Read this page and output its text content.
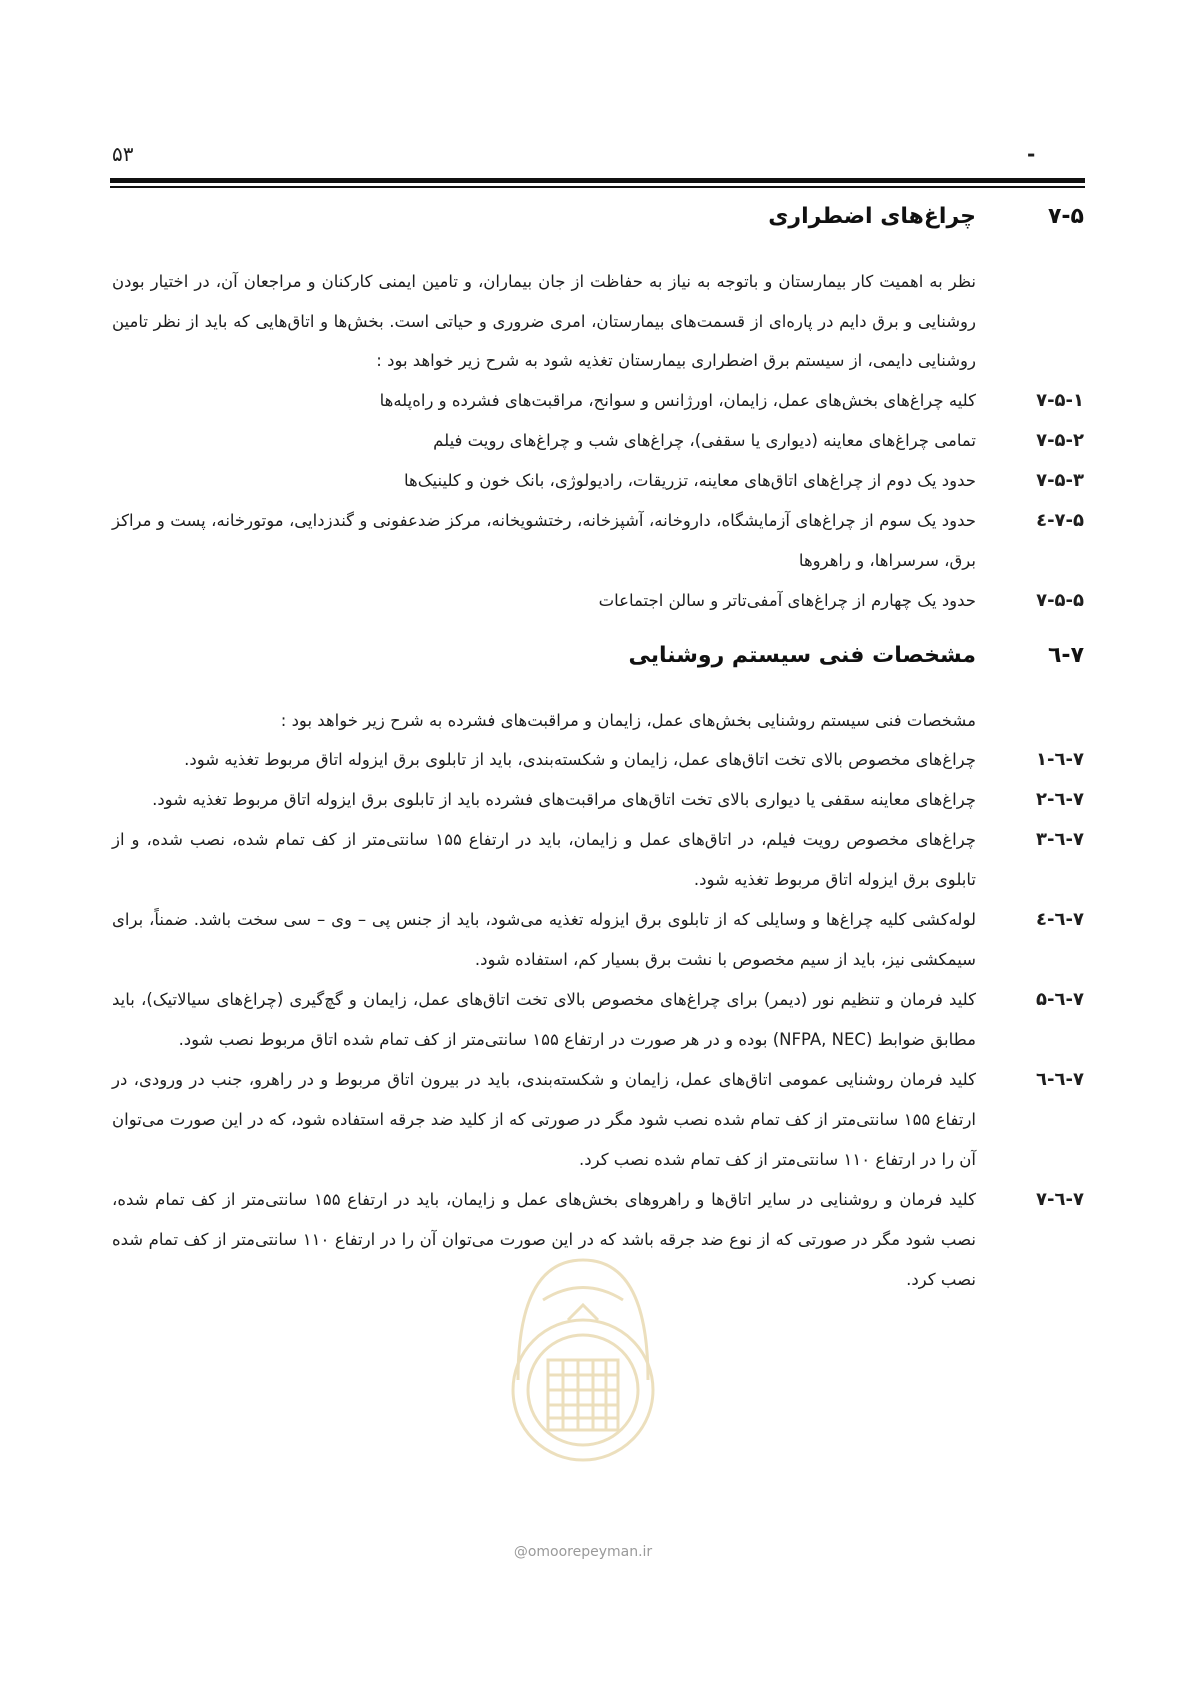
۵۳	-
۷-۵
چراغ‌های اضطراری
نظر به اهمیت کار بیمارستان و باتوجه به نیاز به حفاظت از جان بیماران، و تامین ایمنی کارکنان و مراجعان آن، در اختیار بودن روشنایی و برق دایم در پاره‌ای از قسمت‌های بیمارستان، امری ضروری و حیاتی است. بخش‌ها و اتاق‌هایی که باید از نظر تامین روشنایی دایمی، از سیستم برق اضطراری بیمارستان تغذیه شود به شرح زیر خواهد بود :
۷-۵-۱
کلیه چراغ‌های بخش‌های عمل، زایمان، اورژانس و سوانح، مراقبت‌های فشرده و راه‌پله‌ها
۷-۵-۲
تمامی چراغ‌های معاینه (دیواری یا سقفی)، چراغ‌های شب و چراغ‌های رویت فیلم
۷-۵-۳
حدود یک دوم از چراغ‌های اتاق‌های معاینه، تزریقات، رادیولوژی، بانک خون و کلینیک‌ها
۷-۵-٤
حدود یک سوم از چراغ‌های آزمایشگاه، داروخانه، آشپزخانه، رختشویخانه، مرکز ضدعفونی و گندزدایی، موتورخانه، پست و مراکز برق، سرسراها، و راهروها
۷-۵-۵
حدود یک چهارم از چراغ‌های آمفی‌تاتر و سالن اجتماعات
۷-٦
مشخصات فنی سیستم روشنایی
مشخصات فنی سیستم روشنایی بخش‌های عمل، زایمان و مراقبت‌های فشرده به شرح زیر خواهد بود :
۷-٦-۱
چراغ‌های مخصوص بالای تخت اتاق‌های عمل، زایمان و شکسته‌بندی، باید از تابلوی برق ایزوله اتاق مربوط تغذیه شود.
۷-٦-۲
چراغ‌های معاینه سقفی یا دیواری بالای تخت اتاق‌های مراقبت‌های فشرده باید از تابلوی برق ایزوله اتاق مربوط تغذیه شود.
۷-٦-۳
چراغ‌های مخصوص رویت فیلم، در اتاق‌های عمل و زایمان، باید در ارتفاع ۱۵۵ سانتی‌متر از کف تمام شده، نصب شده، و از تابلوی برق ایزوله اتاق مربوط تغذیه شود.
۷-٦-٤
لوله‌کشی کلیه چراغ‌ها و وسایلی که از تابلوی برق ایزوله تغذیه می‌شود، باید از جنس پی – وی – سی سخت باشد. ضمناً، برای سیمکشی نیز، باید از سیم مخصوص با نشت برق بسیار کم، استفاده شود.
۷-٦-۵
کلید فرمان و تنظیم نور (دیمر) برای چراغ‌های مخصوص بالای تخت اتاق‌های عمل، زایمان و گچ‌گیری (چراغ‌های سیالاتیک)، باید مطابق ضوابط (NFPA, NEC) بوده و در هر صورت در ارتفاع ۱۵۵ سانتی‌متر از کف تمام شده اتاق مربوط نصب شود.
۷-٦-٦
کلید فرمان روشنایی عمومی اتاق‌های عمل، زایمان و شکسته‌بندی، باید در بیرون اتاق مربوط و در راهرو، جنب در ورودی، در ارتفاع ۱۵۵ سانتی‌متر از کف تمام شده نصب شود مگر در صورتی که از کلید ضد جرقه استفاده شود، که در این صورت می‌توان آن را در ارتفاع ۱۱۰ سانتی‌متر از کف تمام شده نصب کرد.
۷-٦-۷
کلید فرمان و روشنایی در سایر اتاق‌ها و راهروهای بخش‌های عمل و زایمان، باید در ارتفاع ۱۵۵ سانتی‌متر از کف تمام شده، نصب شود مگر در صورتی که از نوع ضد جرقه باشد که در این صورت می‌توان آن را در ارتفاع ۱۱۰ سانتی‌متر از کف تمام شده نصب کرد.
@omoorepeyman.ir
